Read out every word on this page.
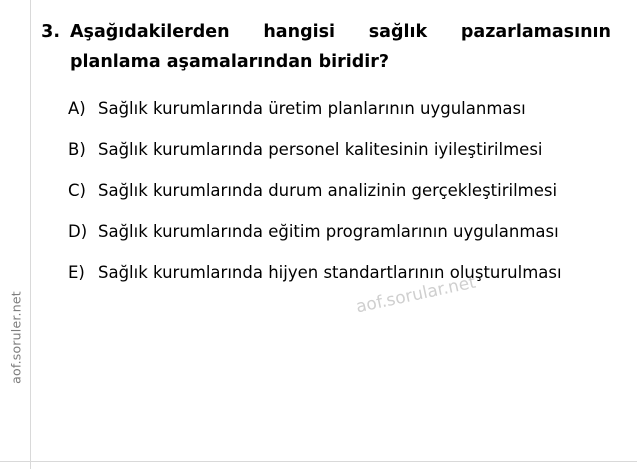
aof.soruler.net
3. Aşağıdakilerden hangisi sağlık pazarlamasının planlama aşamalarından biridir?
A) Sağlık kurumlarında üretim planlarının uygulanması
B) Sağlık kurumlarında personel kalitesinin iyileştirilmesi
C) Sağlık kurumlarında durum analizinin gerçekleştirilmesi
D) Sağlık kurumlarında eğitim programlarının uygulanması
E) Sağlık kurumlarında hijyen standartlarının oluşturulması
aof.sorular.net
